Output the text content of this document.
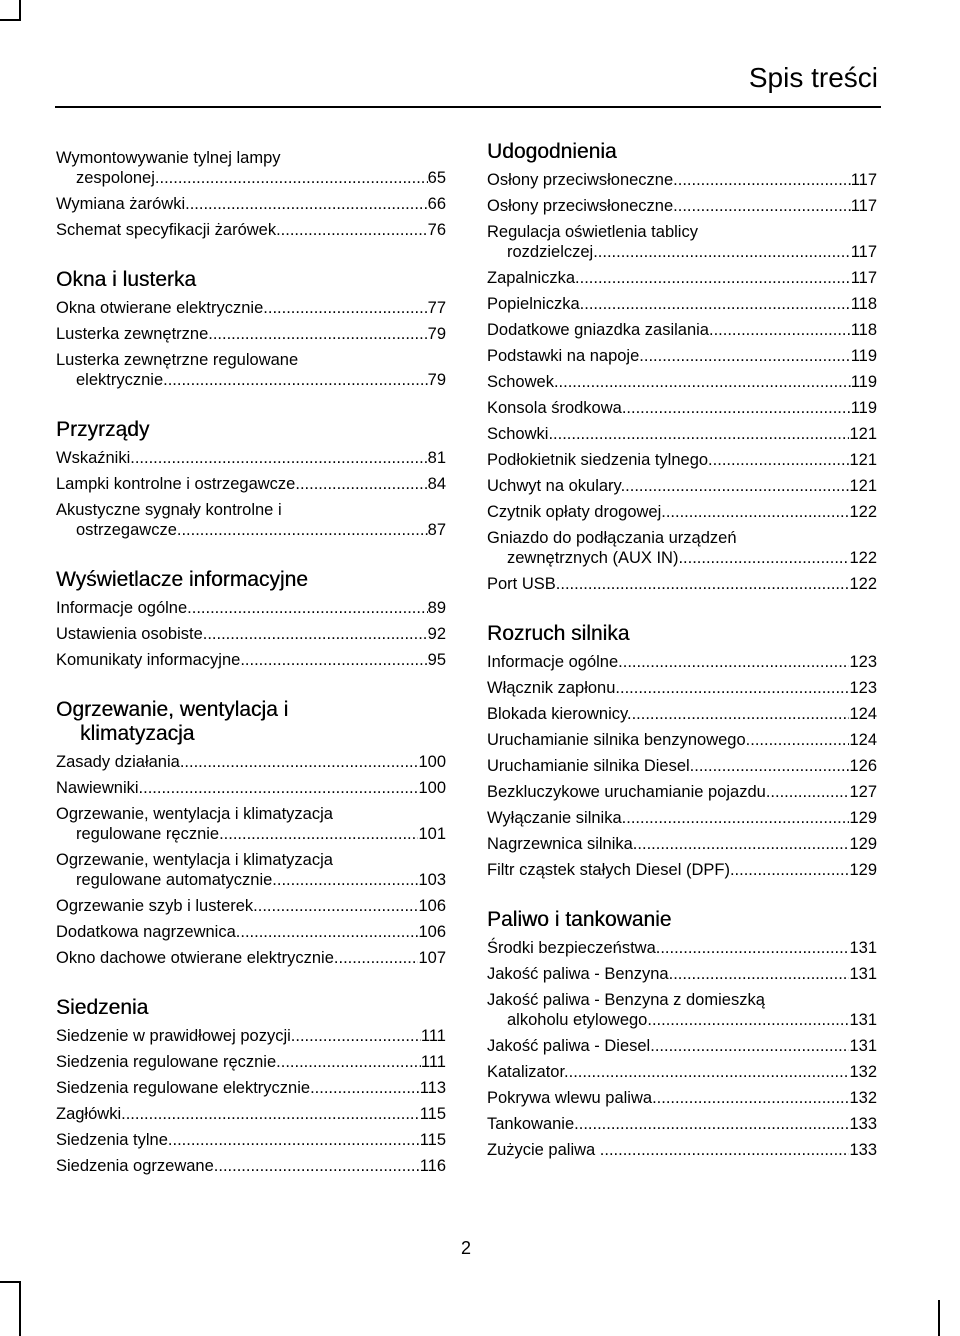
Spis treści
Wymontowywanie tylnej lampy
zespolonej. .....	65
Wymiana żarówki. .....	66
Schemat specyfikacji żarówek. .....	76
Okna i lusterka
Okna otwierane elektrycznie. .....	77
Lusterka zewnętrzne. .....	79
Lusterka zewnętrzne regulowane
elektrycznie. .....	79
Przyrządy
Wskaźniki. .....	81
Lampki kontrolne i ostrzegawcze. .....	84
Akustyczne sygnały kontrolne i
ostrzegawcze. .....	87
Wyświetlacze informacyjne
Informacje ogólne. .....	89
Ustawienia osobiste. .....	92
Komunikaty informacyjne. .....	95
Ogrzewanie, wentylacja i
klimatyzacja
Zasady działania. .....	100
Nawiewniki. .....	100
Ogrzewanie, wentylacja i klimatyzacja
regulowane ręcznie. .....	101
Ogrzewanie, wentylacja i klimatyzacja
regulowane automatycznie. .....	103
Ogrzewanie szyb i lusterek. .....	106
Dodatkowa nagrzewnica. .....	106
Okno dachowe otwierane elektrycznie. .....	107
Siedzenia
Siedzenie w prawidłowej pozycji. .....	111
Siedzenia regulowane ręcznie. .....	111
Siedzenia regulowane elektrycznie. .....	113
Zagłówki. .....	115
Siedzenia tylne. .....	115
Siedzenia ogrzewane. .....	116
Udogodnienia
Osłony przeciwsłoneczne. .....	117
Osłony przeciwsłoneczne. .....	117
Regulacja oświetlenia tablicy
rozdzielczej. .....	117
Zapalniczka. .....	117
Popielniczka. .....	118
Dodatkowe gniazdka zasilania. .....	118
Podstawki na napoje. .....	119
Schowek. .....	119
Konsola środkowa. .....	119
Schowki. .....	121
Podłokietnik siedzenia tylnego. .....	121
Uchwyt na okulary. .....	121
Czytnik opłaty drogowej. .....	122
Gniazdo do podłączania urządzeń
zewnętrznych (AUX IN). .....	122
Port USB. .....	122
Rozruch silnika
Informacje ogólne. .....	123
Włącznik zapłonu. .....	123
Blokada kierownicy. .....	124
Uruchamianie silnika benzynowego. .....	124
Uruchamianie silnika Diesel. .....	126
Bezkluczykowe uruchamianie pojazdu. .....	127
Wyłączanie silnika. .....	129
Nagrzewnica silnika. .....	129
Filtr cząstek stałych Diesel (DPF). .....	129
Paliwo i tankowanie
Środki bezpieczeństwa. .....	131
Jakość paliwa - Benzyna. .....	131
Jakość paliwa - Benzyna z domieszką
alkoholu etylowego. .....	131
Jakość paliwa - Diesel. .....	131
Katalizator. .....	132
Pokrywa wlewu paliwa. .....	132
Tankowanie. .....	133
Zużycie paliwa . .....	133
2
